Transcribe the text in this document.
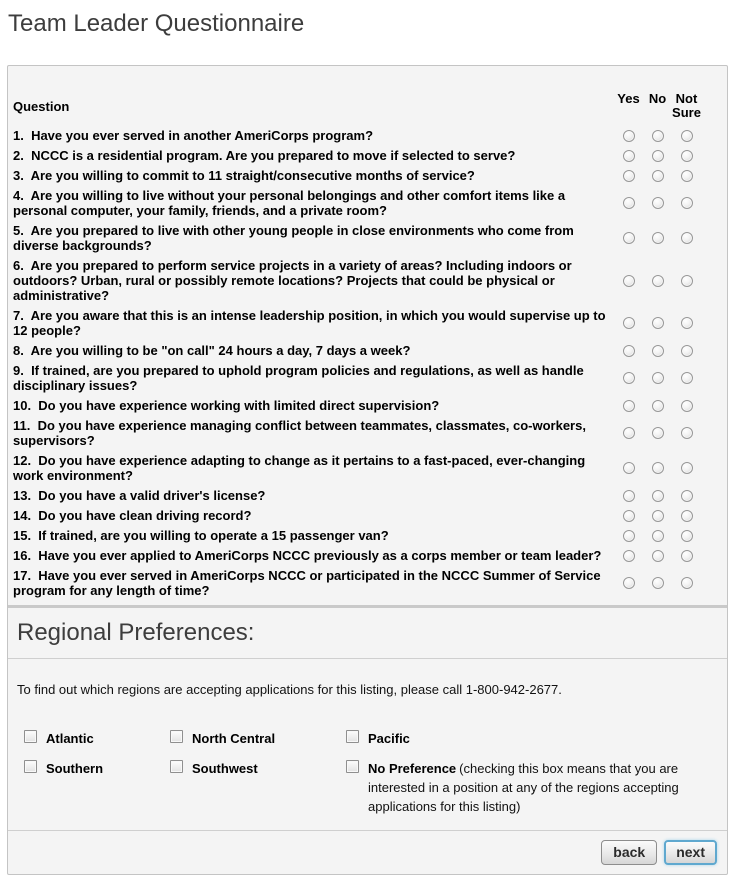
Team Leader Questionnaire
Question	Yes No Not Sure
1.  Have you ever served in another AmeriCorps program?
2.  NCCC is a residential program. Are you prepared to move if selected to serve?
3.  Are you willing to commit to 11 straight/consecutive months of service?
4.  Are you willing to live without your personal belongings and other comfort items like a personal computer, your family, friends, and a private room?
5.  Are you prepared to live with other young people in close environments who come from diverse backgrounds?
6.  Are you prepared to perform service projects in a variety of areas? Including indoors or outdoors? Urban, rural or possibly remote locations? Projects that could be physical or administrative?
7.  Are you aware that this is an intense leadership position, in which you would supervise up to 12 people?
8.  Are you willing to be "on call" 24 hours a day, 7 days a week?
9.  If trained, are you prepared to uphold program policies and regulations, as well as handle disciplinary issues?
10.  Do you have experience working with limited direct supervision?
11.  Do you have experience managing conflict between teammates, classmates, co-workers, supervisors?
12.  Do you have experience adapting to change as it pertains to a fast-paced, ever-changing work environment?
13.  Do you have a valid driver's license?
14.  Do you have clean driving record?
15.  If trained, are you willing to operate a 15 passenger van?
16.  Have you ever applied to AmeriCorps NCCC previously as a corps member or team leader?
17.  Have you ever served in AmeriCorps NCCC or participated in the NCCC Summer of Service program for any length of time?
Regional Preferences:

To find out which regions are accepting applications for this listing, please call 1-800-942-2677.

Atlantic	North Central	Pacific
Southern	Southwest	No Preference (checking this box means that you are interested in a position at any of the regions accepting applications for this listing)
back	next
